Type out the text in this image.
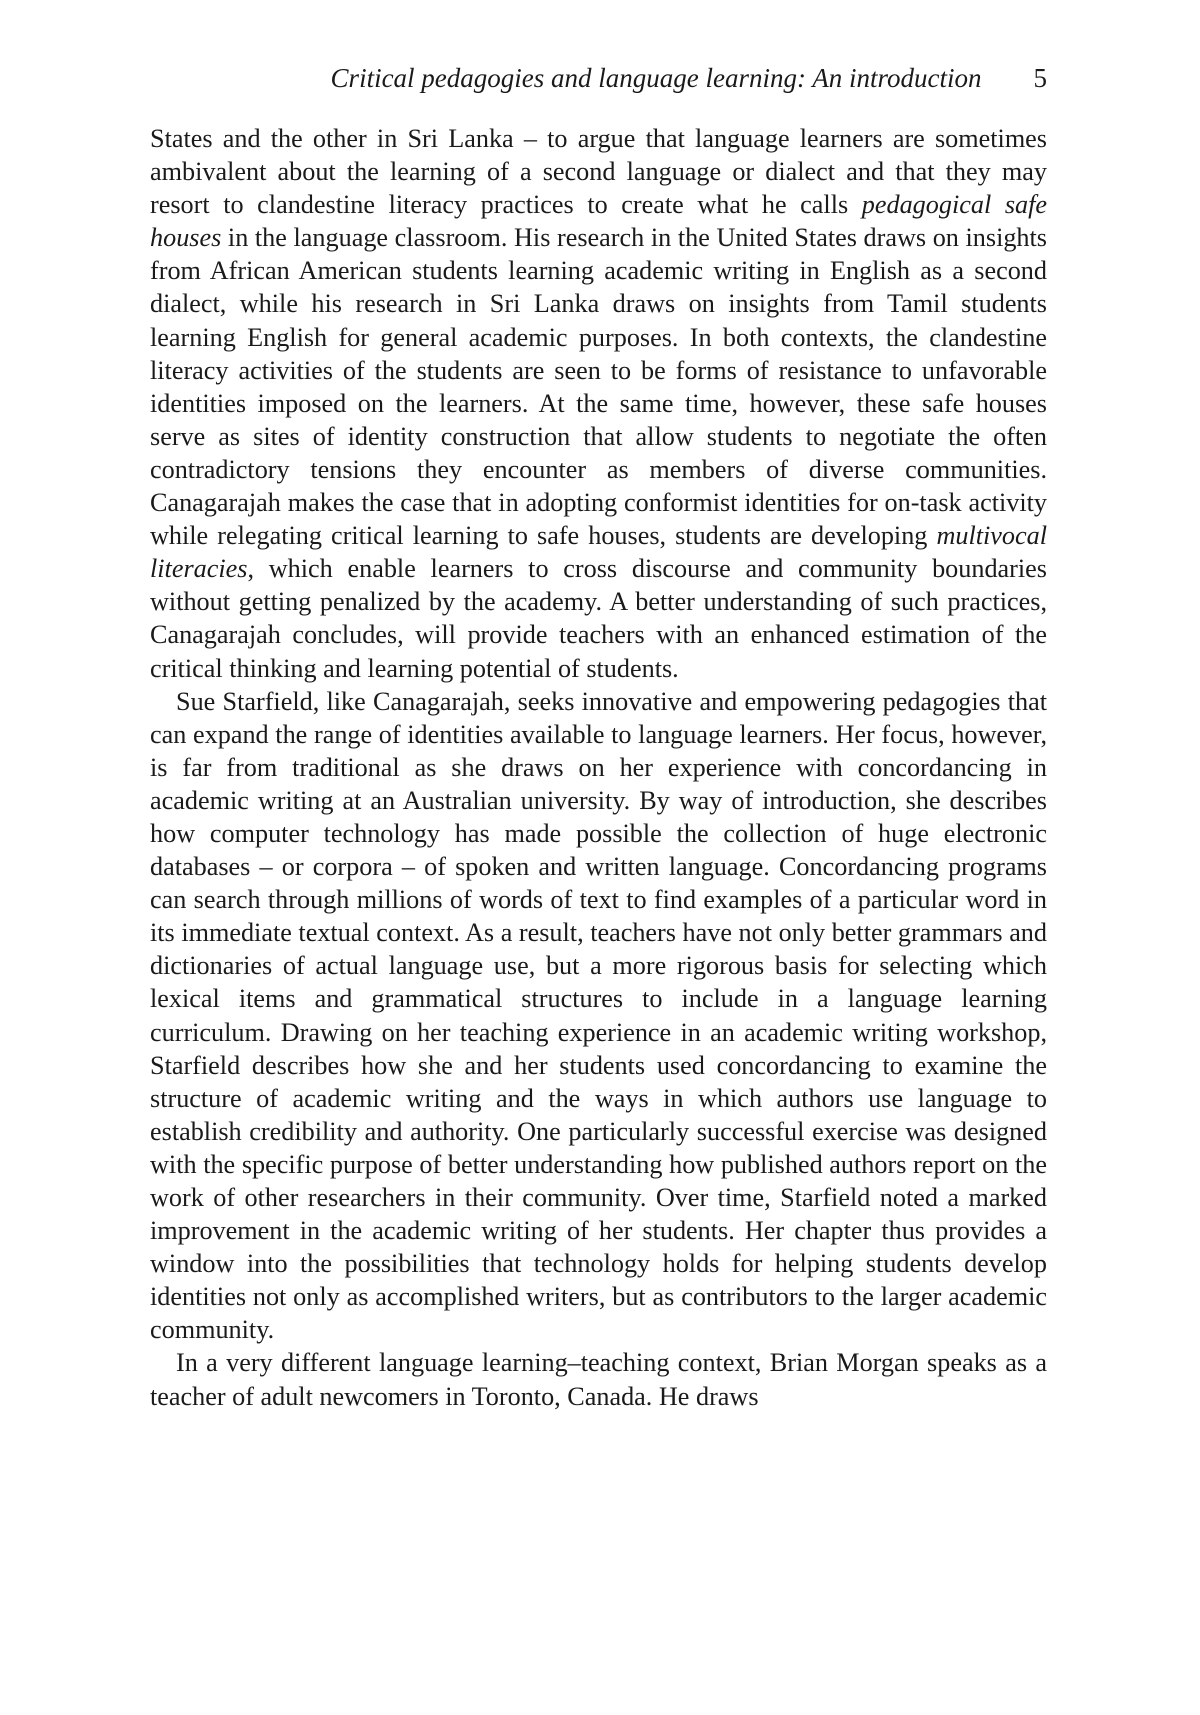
Critical pedagogies and language learning: An introduction 5

States and the other in Sri Lanka – to argue that language learners are sometimes ambivalent about the learning of a second language or dialect and that they may resort to clandestine literacy practices to create what he calls pedagogical safe houses in the language classroom. His research in the United States draws on insights from African American students learning academic writing in English as a second dialect, while his research in Sri Lanka draws on insights from Tamil students learning English for general academic purposes. In both contexts, the clandestine literacy activities of the students are seen to be forms of resistance to unfavorable identities imposed on the learners. At the same time, however, these safe houses serve as sites of identity construction that allow students to negotiate the often contradictory tensions they encounter as members of diverse communities. Canagarajah makes the case that in adopting conformist identities for on-task activity while relegating critical learning to safe houses, students are developing multivocal literacies, which enable learners to cross discourse and community boundaries without getting penalized by the academy. A better understanding of such practices, Canagarajah concludes, will provide teachers with an enhanced estimation of the critical thinking and learning potential of students.

Sue Starfield, like Canagarajah, seeks innovative and empowering pedagogies that can expand the range of identities available to language learners. Her focus, however, is far from traditional as she draws on her experience with concordancing in academic writing at an Australian university. By way of introduction, she describes how computer technology has made possible the collection of huge electronic databases – or corpora – of spoken and written language. Concordancing programs can search through millions of words of text to find examples of a particular word in its immediate textual context. As a result, teachers have not only better grammars and dictionaries of actual language use, but a more rigorous basis for selecting which lexical items and grammatical structures to include in a language learning curriculum. Drawing on her teaching experience in an academic writing workshop, Starfield describes how she and her students used concordancing to examine the structure of academic writing and the ways in which authors use language to establish credibility and authority. One particularly successful exercise was designed with the specific purpose of better understanding how published authors report on the work of other researchers in their community. Over time, Starfield noted a marked improvement in the academic writing of her students. Her chapter thus provides a window into the possibilities that technology holds for helping students develop identities not only as accomplished writers, but as contributors to the larger academic community.

In a very different language learning–teaching context, Brian Morgan speaks as a teacher of adult newcomers in Toronto, Canada. He draws
